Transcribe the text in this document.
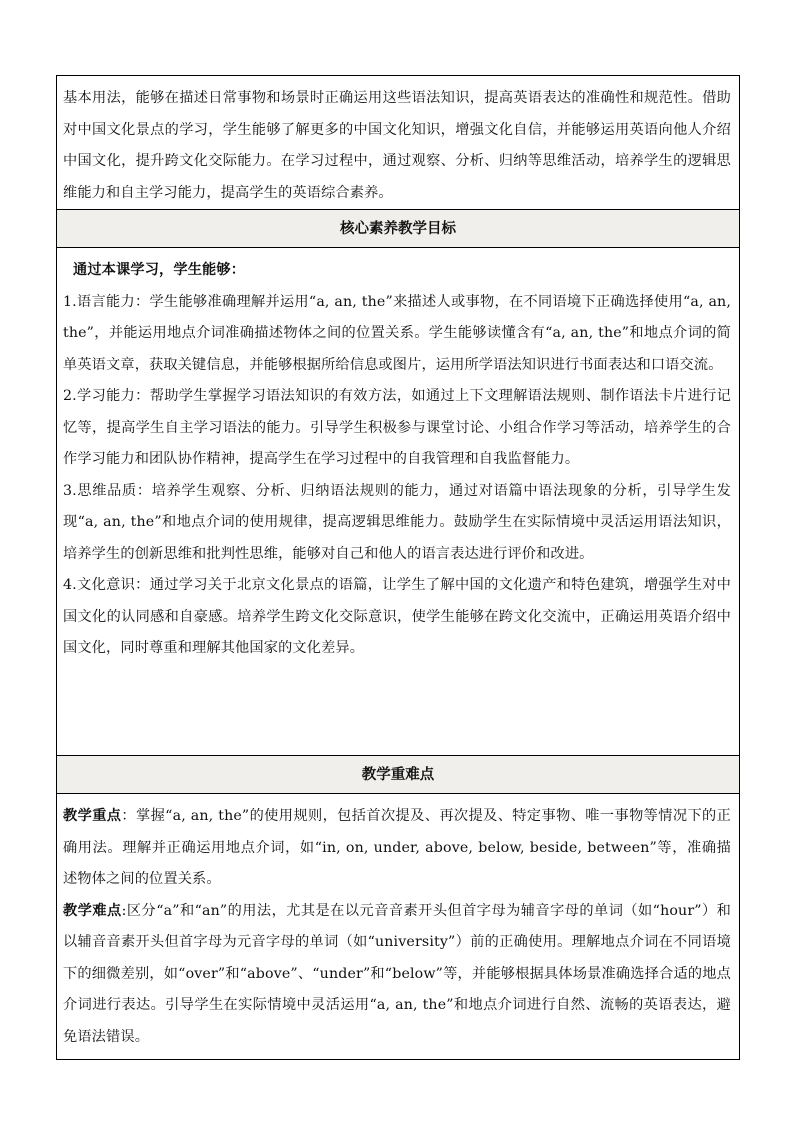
基本用法，能够在描述日常事物和场景时正确运用这些语法知识，提高英语表达的准确性和规范性。借助对中国文化景点的学习，学生能够了解更多的中国文化知识，增强文化自信，并能够运用英语向他人介绍中国文化，提升跨文化交际能力。在学习过程中，通过观察、分析、归纳等思维活动，培养学生的逻辑思维能力和自主学习能力，提高学生的英语综合素养。

核心素养教学目标

通过本课学习，学生能够：

1.语言能力：学生能够准确理解并运用“a, an, the”来描述人或事物，在不同语境下正确选择使用“a, an, the”，并能运用地点介词准确描述物体之间的位置关系。学生能够读懂含有“a, an, the”和地点介词的简单英语文章，获取关键信息，并能够根据所给信息或图片，运用所学语法知识进行书面表达和口语交流。

2.学习能力：帮助学生掌握学习语法知识的有效方法，如通过上下文理解语法规则、制作语法卡片进行记忆等，提高学生自主学习语法的能力。引导学生积极参与课堂讨论、小组合作学习等活动，培养学生的合作学习能力和团队协作精神，提高学生在学习过程中的自我管理和自我监督能力。

3.思维品质：培养学生观察、分析、归纳语法规则的能力，通过对语篇中语法现象的分析，引导学生发现“a, an, the”和地点介词的使用规律，提高逻辑思维能力。鼓励学生在实际情境中灵活运用语法知识，培养学生的创新思维和批判性思维，能够对自己和他人的语言表达进行评价和改进。

4.文化意识：通过学习关于北京文化景点的语篇，让学生了解中国的文化遗产和特色建筑，增强学生对中国文化的认同感和自豪感。培养学生跨文化交际意识，使学生能够在跨文化交流中，正确运用英语介绍中国文化，同时尊重和理解其他国家的文化差异。

教学重难点

教学重点：掌握“a, an, the”的使用规则，包括首次提及、再次提及、特定事物、唯一事物等情况下的正确用法。理解并正确运用地点介词，如“in, on, under, above, below, beside, between”等，准确描述物体之间的位置关系。

教学难点:区分“a”和“an”的用法，尤其是在以元音音素开头但首字母为辅音字母的单词（如“hour”）和以辅音音素开头但首字母为元音字母的单词（如“university”）前的正确使用。理解地点介词在不同语境下的细微差别，如“over”和“above”、“under”和“below”等，并能够根据具体场景准确选择合适的地点介词进行表达。引导学生在实际情境中灵活运用“a, an, the”和地点介词进行自然、流畅的英语表达，避免语法错误。
